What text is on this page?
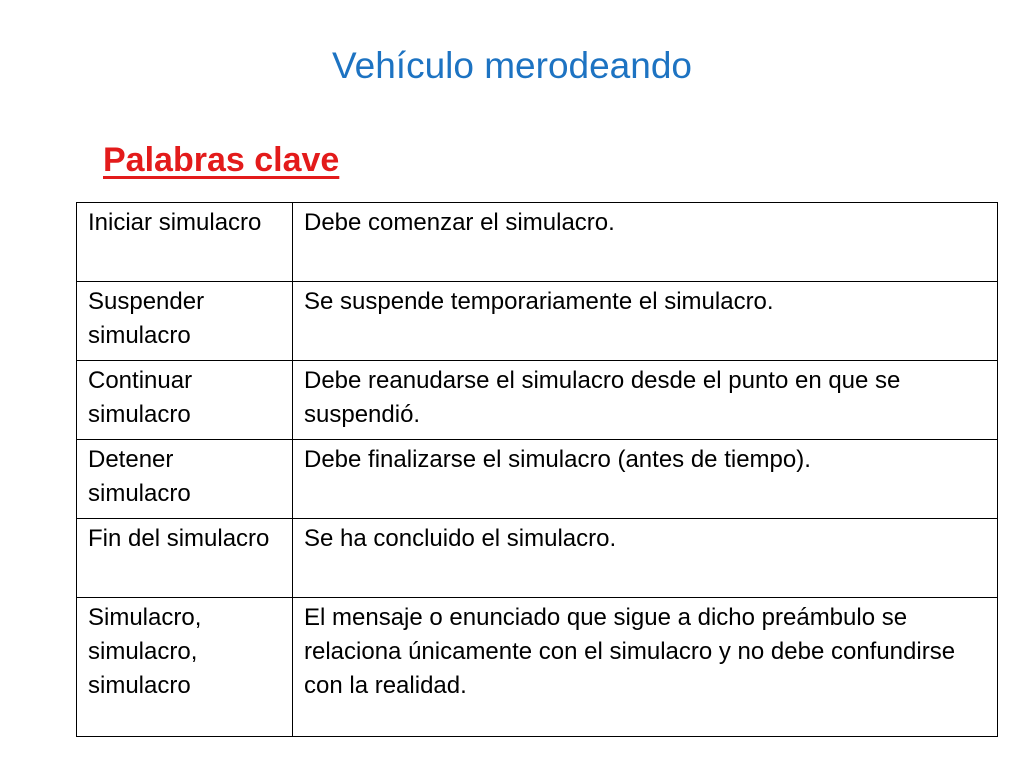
Vehículo merodeando
Palabras clave
Iniciar simulacro	Debe comenzar el simulacro.
Suspender simulacro	Se suspende temporariamente el simulacro.
Continuar simulacro	Debe reanudarse el simulacro desde el punto en que se suspendió.
Detener simulacro	Debe finalizarse el simulacro (antes de tiempo).
Fin del simulacro	Se ha concluido el simulacro.
Simulacro, simulacro, simulacro	El mensaje o enunciado que sigue a dicho preámbulo se relaciona únicamente con el simulacro y no debe confundirse con la realidad.
